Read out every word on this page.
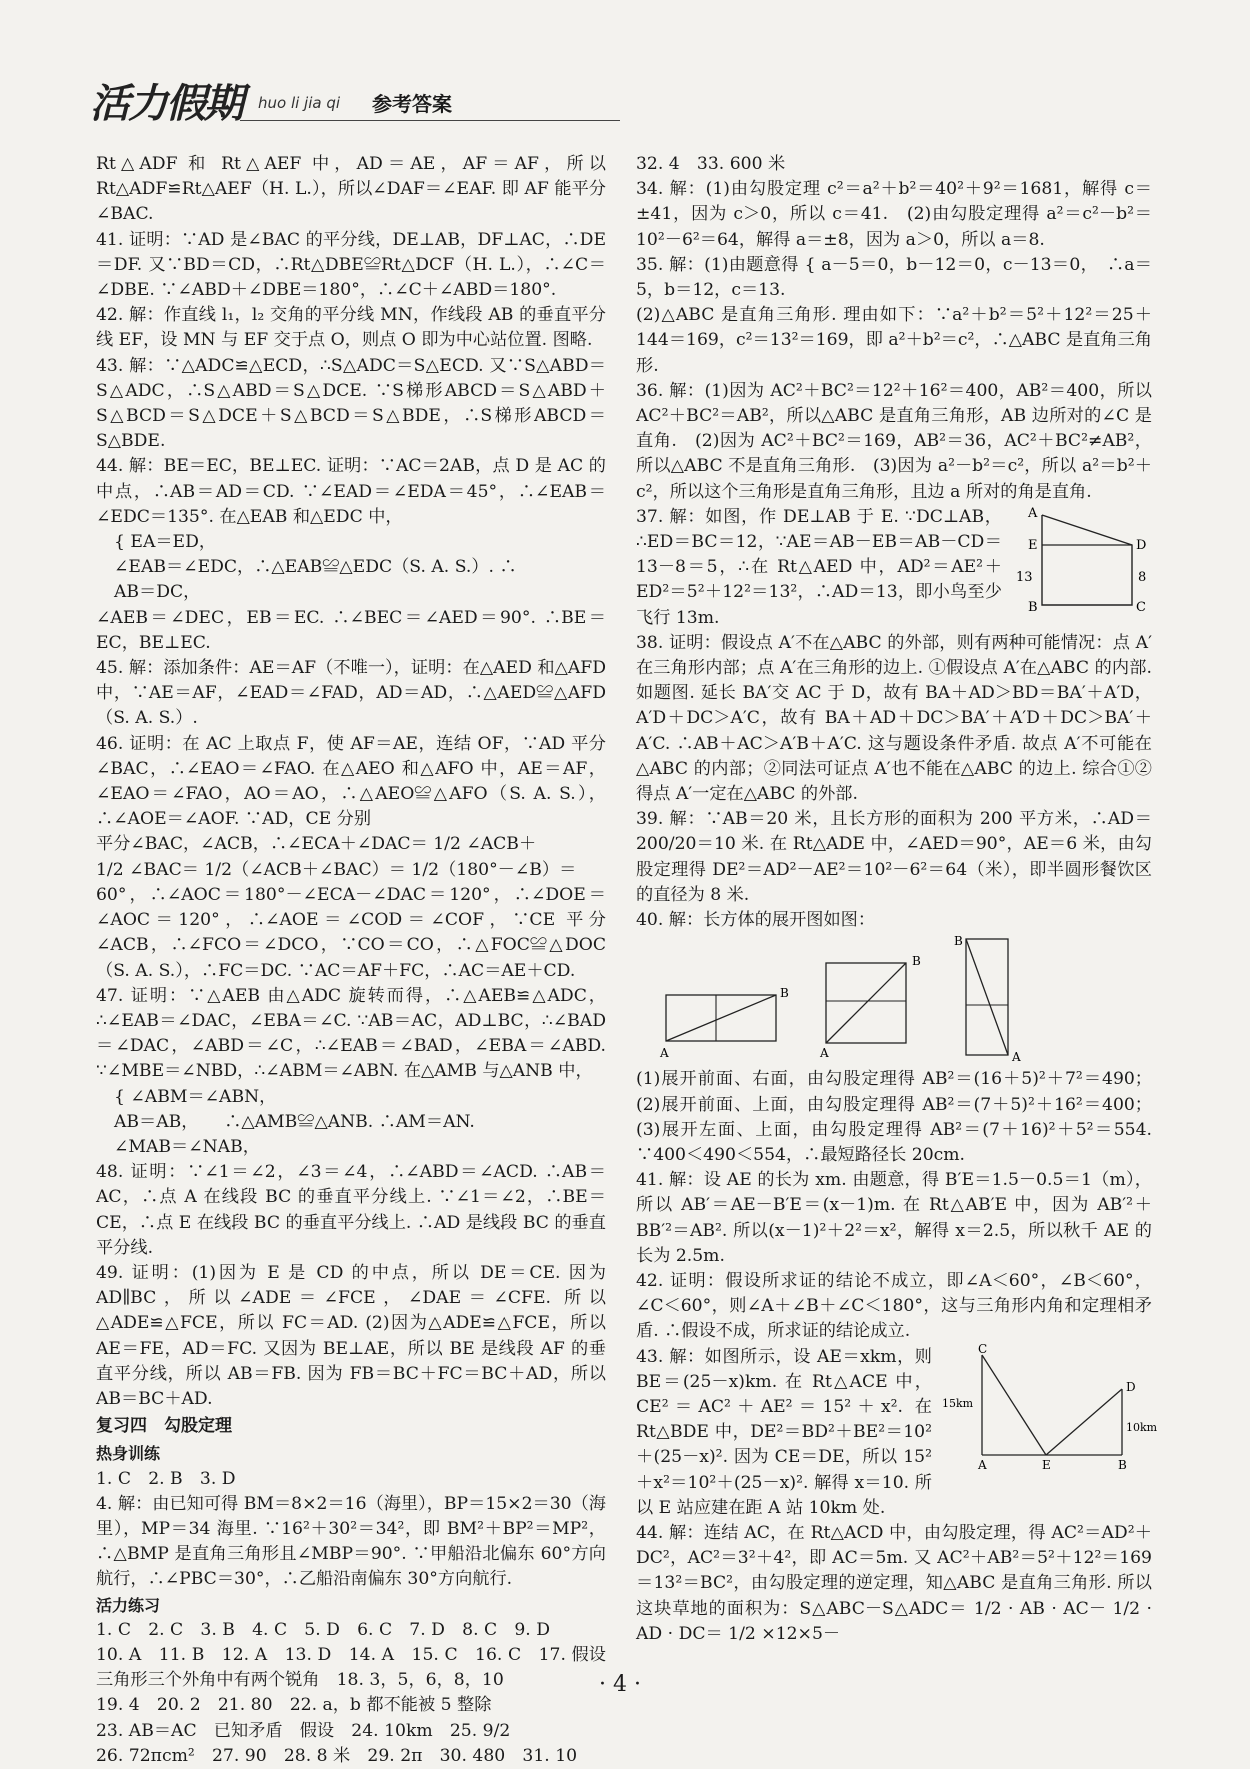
活力假期 huo li jia qi 参考答案

Rt△ADF 和 Rt△AEF 中，AD＝AE，AF＝AF，所以 Rt△ADF≌Rt△AEF（H. L.），所以∠DAF＝∠EAF. 即 AF 能平分∠BAC.

41. 证明：∵AD 是∠BAC 的平分线，DE⊥AB，DF⊥AC，∴DE＝DF. 又∵BD＝CD，∴Rt△DBE≌Rt△DCF（H. L.），∴∠C＝∠DBE. ∵∠ABD＋∠DBE＝180°，∴∠C＋∠ABD＝180°.

42. 解：作直线 l₁，l₂ 交角的平分线 MN，作线段 AB 的垂直平分线 EF，设 MN 与 EF 交于点 O，则点 O 即为中心站位置. 图略.

43. 解：∵△ADC≌△ECD，∴S△ADC＝S△ECD. 又∵S△ABD＝S△ADC，∴S△ABD＝S△DCE. ∵S梯形ABCD＝S△ABD＋S△BCD＝S△DCE＋S△BCD＝S△BDE，∴S梯形ABCD＝S△BDE.

44. 解：BE＝EC，BE⊥EC. 证明：∵AC＝2AB，点 D 是 AC 的中点，∴AB＝AD＝CD. ∵∠EAD＝∠EDA＝45°，∴∠EAB＝∠EDC＝135°. 在△EAB 和△EDC 中，

{ EA＝ED，

∠EAB＝∠EDC，∴△EAB≌△EDC（S. A. S.）. ∴

AB＝DC，

∠AEB＝∠DEC，EB＝EC. ∴∠BEC＝∠AED＝90°. ∴BE＝EC，BE⊥EC.

45. 解：添加条件：AE＝AF（不唯一），证明：在△AED 和△AFD 中，∵AE＝AF，∠EAD＝∠FAD，AD＝AD，∴△AED≌△AFD（S. A. S.）.

46. 证明：在 AC 上取点 F，使 AF＝AE，连结 OF，∵AD 平分∠BAC，∴∠EAO＝∠FAO. 在△AEO 和△AFO 中，AE＝AF，∠EAO＝∠FAO，AO＝AO，∴△AEO≌△AFO（S. A. S.），∴∠AOE＝∠AOF. ∵AD，CE 分别

平分∠BAC，∠ACB，∴∠ECA＋∠DAC＝ 1/2 ∠ACB＋

1/2 ∠BAC＝ 1/2（∠ACB＋∠BAC）＝ 1/2（180°－∠B）＝

60°，∴∠AOC＝180°－∠ECA－∠DAC＝120°，∴∠DOE＝∠AOC＝120°，∴∠AOE＝∠COD＝∠COF，∵CE 平分∠ACB，∴∠FCO＝∠DCO，∵CO＝CO，∴△FOC≌△DOC（S. A. S.），∴FC＝DC. ∵AC＝AF＋FC，∴AC＝AE＋CD.

47. 证明：∵△AEB 由△ADC 旋转而得，∴△AEB≌△ADC，∴∠EAB＝∠DAC，∠EBA＝∠C. ∵AB＝AC，AD⊥BC，∴∠BAD＝∠DAC，∠ABD＝∠C，∴∠EAB＝∠BAD，∠EBA＝∠ABD. ∵∠MBE＝∠NBD，∴∠ABM＝∠ABN. 在△AMB 与△ANB 中，

{ ∠ABM＝∠ABN，

AB＝AB，　　∴△AMB≌△ANB. ∴AM＝AN.

∠MAB＝∠NAB，

48. 证明：∵∠1＝∠2，∠3＝∠4，∴∠ABD＝∠ACD. ∴AB＝AC，∴点 A 在线段 BC 的垂直平分线上. ∵∠1＝∠2，∴BE＝CE，∴点 E 在线段 BC 的垂直平分线上. ∴AD 是线段 BC 的垂直平分线.

49. 证明：(1)因为 E 是 CD 的中点，所以 DE＝CE. 因为 AD∥BC，所以∠ADE＝∠FCE，∠DAE＝∠CFE. 所以△ADE≌△FCE，所以 FC＝AD. (2)因为△ADE≌△FCE，所以 AE＝FE，AD＝FC. 又因为 BE⊥AE，所以 BE 是线段 AF 的垂直平分线，所以 AB＝FB. 因为 FB＝BC＋FC＝BC＋AD，所以 AB＝BC＋AD.

复习四　勾股定理

热身训练

1. C　2. B　3. D

4. 解：由已知可得 BM＝8×2＝16（海里），BP＝15×2＝30（海里），MP＝34 海里. ∵16²＋30²＝34²，即 BM²＋BP²＝MP²，∴△BMP 是直角三角形且∠MBP＝90°. ∵甲船沿北偏东 60°方向航行，∴∠PBC＝30°，∴乙船沿南偏东 30°方向航行.

活力练习

1. C　2. C　3. B　4. C　5. D　6. C　7. D　8. C　9. D

10. A　11. B　12. A　13. D　14. A　15. C　16. C　17. 假设三角形三个外角中有两个锐角　18. 3，5，6，8，10

19. 4　20. 2　21. 80　22. a，b 都不能被 5 整除

23. AB＝AC　已知矛盾　假设　24. 10km　25. 9/2

26. 72πcm²　27. 90　28. 8 米　29. 2π　30. 480　31. 10

32. 4　33. 600 米

34. 解：(1)由勾股定理 c²＝a²＋b²＝40²＋9²＝1681，解得 c＝±41，因为 c＞0，所以 c＝41.　(2)由勾股定理得 a²＝c²－b²＝10²－6²＝64，解得 a＝±8，因为 a＞0，所以 a＝8.

35. 解：(1)由题意得 { a－5＝0，b－12＝0，c－13＝0，　∴a＝5，b＝12，c＝13.

(2)△ABC 是直角三角形. 理由如下：∵a²＋b²＝5²＋12²＝25＋144＝169，c²＝13²＝169，即 a²＋b²＝c²，∴△ABC 是直角三角形.

36. 解：(1)因为 AC²＋BC²＝12²＋16²＝400，AB²＝400，所以 AC²＋BC²＝AB²，所以△ABC 是直角三角形，AB 边所对的∠C 是直角.　(2)因为 AC²＋BC²＝169，AB²＝36，AC²＋BC²≠AB²，所以△ABC 不是直角三角形.　(3)因为 a²－b²＝c²，所以 a²＝b²＋c²，所以这个三角形是直角三角形，且边 a 所对的角是直角.

37. 解：如图，作 DE⊥AB 于 E. ∵DC⊥AB，∴ED＝BC＝12，∵AE＝AB－EB＝AB－CD＝13－8＝5，∴在 Rt△AED 中，AD²＝AE²＋ED²＝5²＋12²＝13²，∴AD＝13，即小鸟至少飞行 13m.

A
E	D
B	C
13	8

38. 证明：假设点 A′不在△ABC 的外部，则有两种可能情况：点 A′在三角形内部；点 A′在三角形的边上. ①假设点 A′在△ABC 的内部. 如题图. 延长 BA′交 AC 于 D，故有 BA＋AD＞BD＝BA′＋A′D，A′D＋DC＞A′C，故有 BA＋AD＋DC＞BA′＋A′D＋DC＞BA′＋A′C. ∴AB＋AC＞A′B＋A′C. 这与题设条件矛盾. 故点 A′不可能在△ABC 的内部；②同法可证点 A′也不能在△ABC 的边上. 综合①②得点 A′一定在△ABC 的外部.

39. 解：∵AB＝20 米，且长方形的面积为 200 平方米，∴AD＝200/20＝10 米. 在 Rt△ADE 中，∠AED＝90°，AE＝6 米，由勾股定理得 DE²＝AD²－AE²＝10²－6²＝64（米），即半圆形餐饮区的直径为 8 米.

40. 解：长方体的展开图如图：

A
B
B
A
B
A

(1)展开前面、右面，由勾股定理得 AB²＝(16＋5)²＋7²＝490；(2)展开前面、上面，由勾股定理得 AB²＝(7＋5)²＋16²＝400；(3)展开左面、上面，由勾股定理得 AB²＝(7＋16)²＋5²＝554. ∵400＜490＜554，∴最短路径长 20cm.

41. 解：设 AE 的长为 xm. 由题意，得 B′E＝1.5－0.5＝1（m），所以 AB′＝AE－B′E＝(x－1)m. 在 Rt△AB′E 中，因为 AB′²＋BB′²＝AB². 所以(x－1)²＋2²＝x²，解得 x＝2.5，所以秋千 AE 的长为 2.5m.

42. 证明：假设所求证的结论不成立，即∠A＜60°，∠B＜60°，∠C＜60°，则∠A＋∠B＋∠C＜180°，这与三角形内角和定理相矛盾. ∴假设不成，所求证的结论成立.

43. 解：如图所示，设 AE＝xkm，则 BE＝(25－x)km. 在 Rt△ACE 中，CE²＝AC²＋AE²＝15²＋x². 在 Rt△BDE 中，DE²＝BD²＋BE²＝10²＋(25－x)². 因为 CE＝DE，所以 15²＋x²＝10²＋(25－x)². 解得 x＝10. 所以 E 站应建在距 A 站 10km 处.

C
D
A	E	B
15km
10km

44. 解：连结 AC，在 Rt△ACD 中，由勾股定理，得 AC²＝AD²＋DC²，AC²＝3²＋4²，即 AC＝5m. 又 AC²＋AB²＝5²＋12²＝169＝13²＝BC²，由勾股定理的逆定理，知△ABC 是直角三角形. 所以这块草地的面积为：S△ABC－S△ADC＝ 1/2 · AB · AC－ 1/2 · AD · DC＝ 1/2 ×12×5－

· 4 ·
